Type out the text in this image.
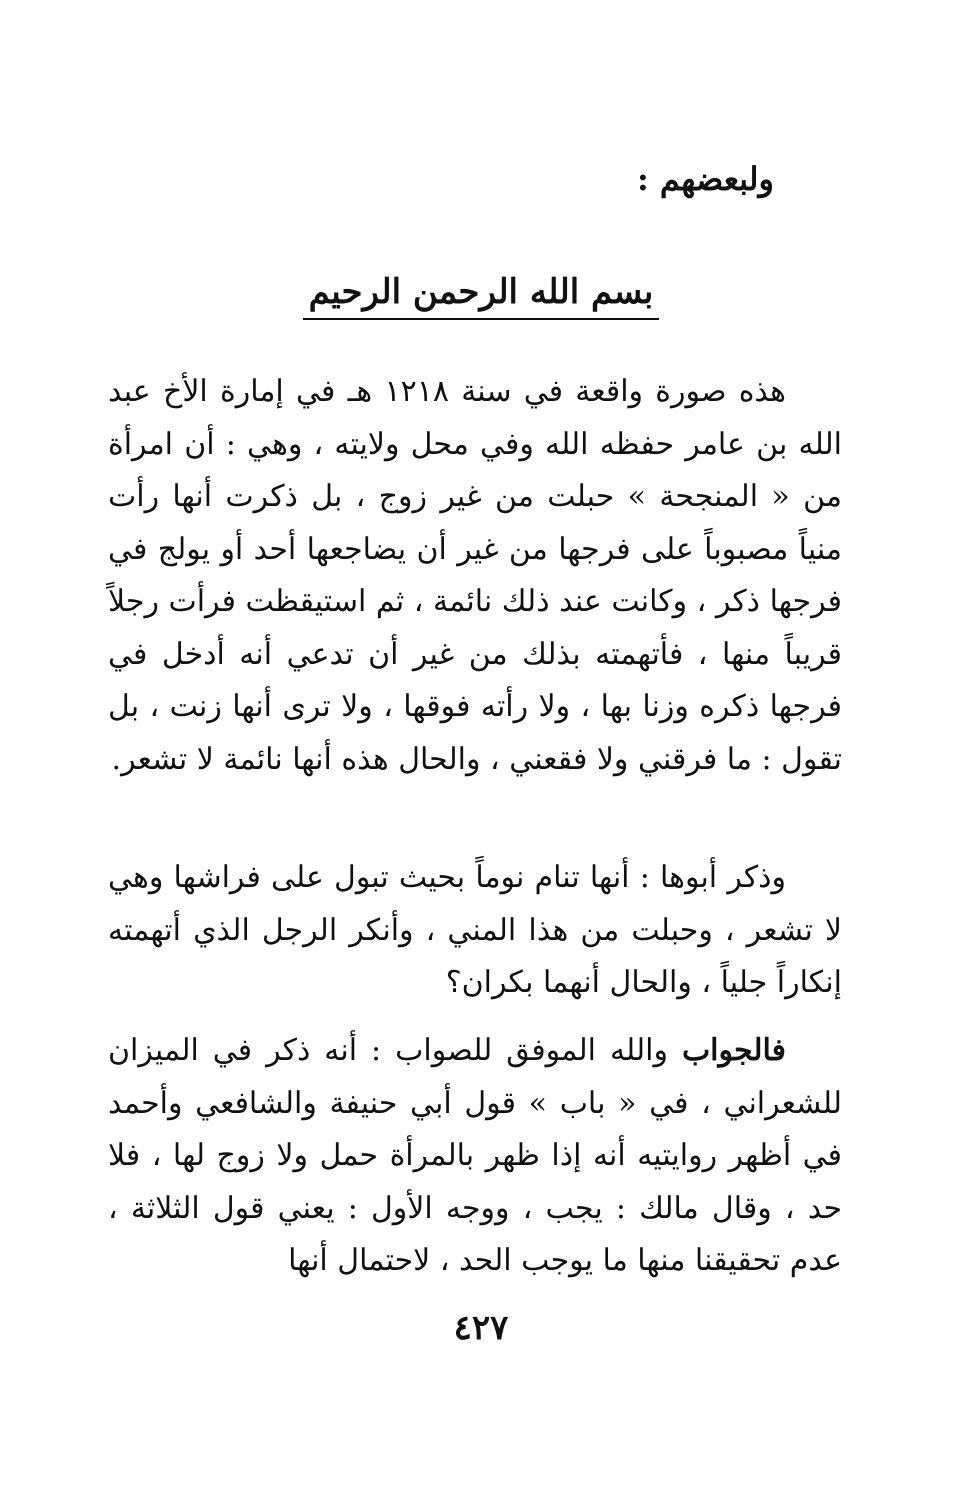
ولبعضهم :
بسم الله الرحمن الرحيم

هذه صورة واقعة في سنة ١٢١٨ هـ في إمارة الأخ عبد الله بن عامر حفظه الله وفي محل ولايته ، وهي : أن امرأة من « المنجحة » حبلت من غير زوج ، بل ذكرت أنها رأت منياً مصبوباً على فرجها من غير أن يضاجعها أحد أو يولج في فرجها ذكر ، وكانت عند ذلك نائمة ، ثم استيقظت فرأت رجلاً قريباً منها ، فأتهمته بذلك من غير أن تدعي أنه أدخل في فرجها ذكره وزنا بها ، ولا رأته فوقها ، ولا ترى أنها زنت ، بل تقول : ما فرقني ولا فقعني ، والحال هذه أنها نائمة لا تشعر.

وذكر أبوها : أنها تنام نوماً بحيث تبول على فراشها وهي لا تشعر ، وحبلت من هذا المني ، وأنكر الرجل الذي أتهمته إنكاراً جلياً ، والحال أنهما بكران؟

فالجواب والله الموفق للصواب : أنه ذكر في الميزان للشعراني ، في « باب » قول أبي حنيفة والشافعي وأحمد في أظهر روايتيه أنه إذا ظهر بالمرأة حمل ولا زوج لها ، فلا حد ، وقال مالك : يجب ، ووجه الأول : يعني قول الثلاثة ، عدم تحقيقنا منها ما يوجب الحد ، لاحتمال أنها

٤٢٧
